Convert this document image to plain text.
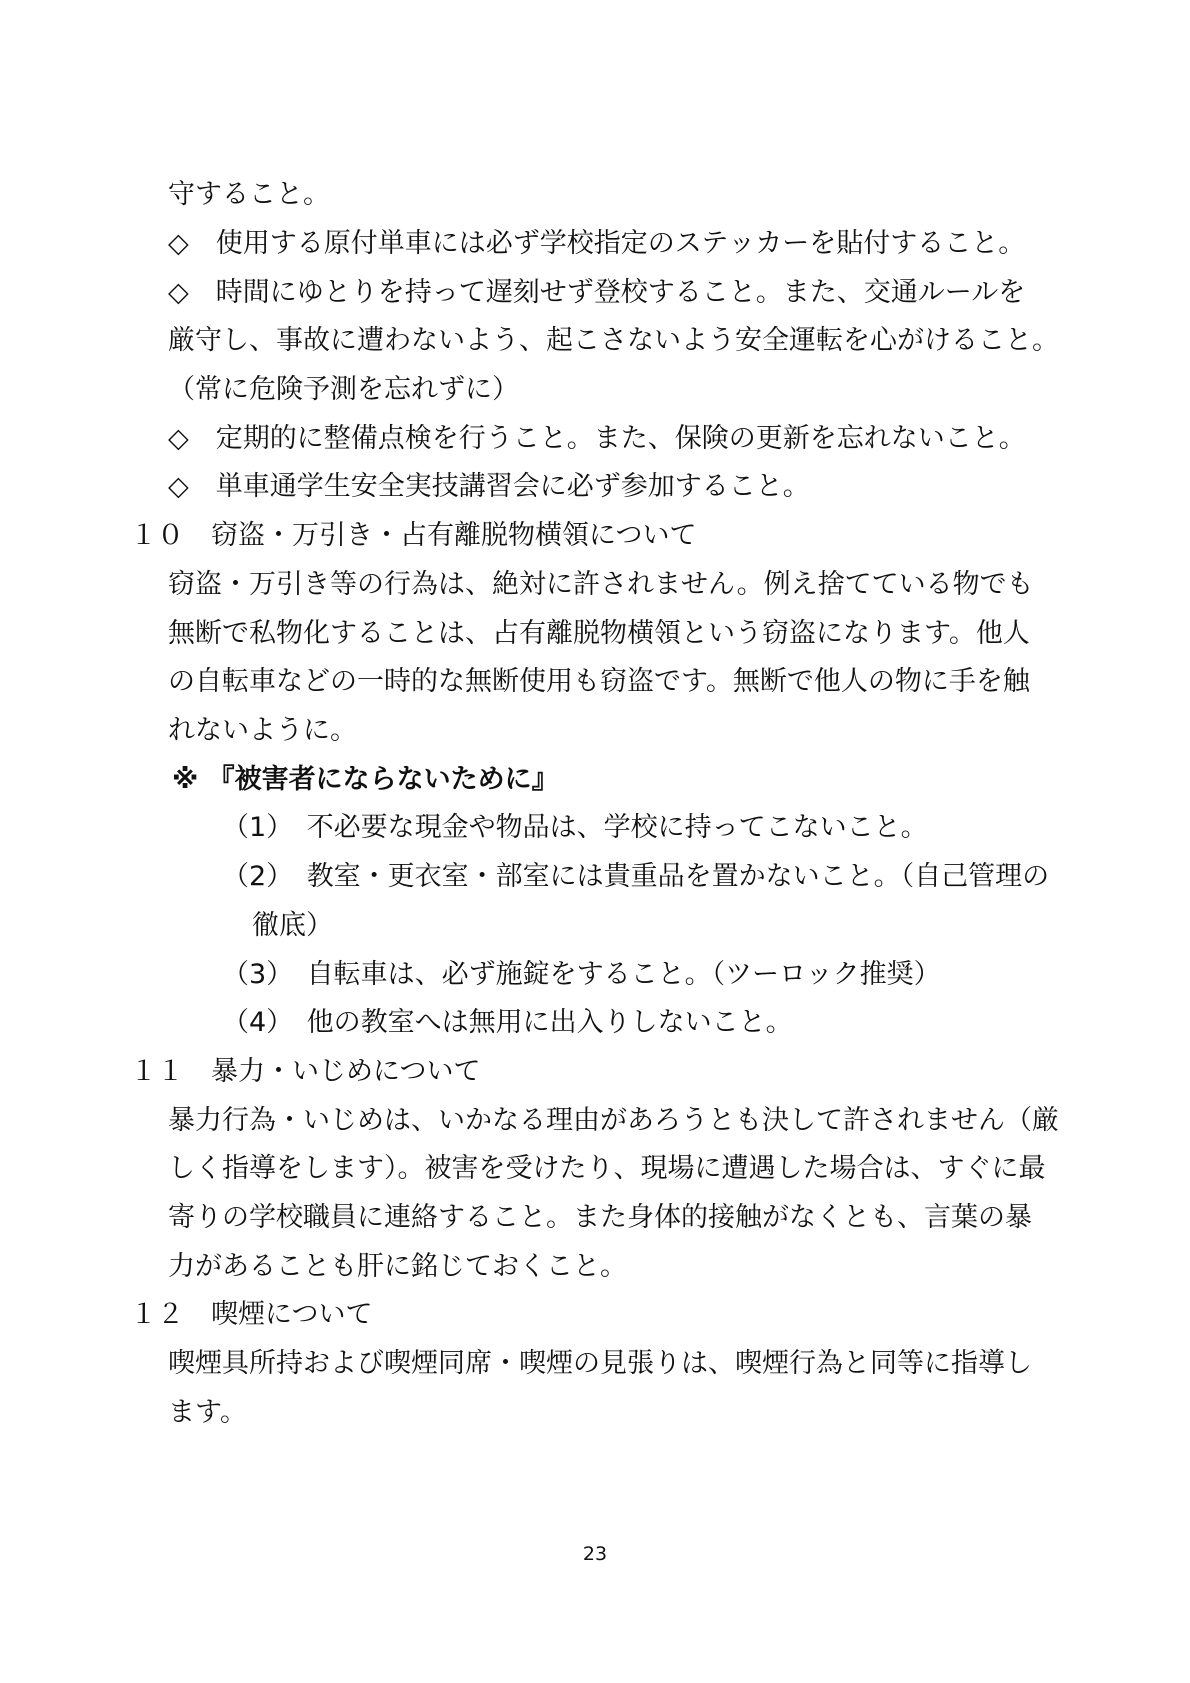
守すること。
◇　使用する原付単車には必ず学校指定のステッカーを貼付すること。
◇　時間にゆとりを持って遅刻せず登校すること。また、交通ルールを
厳守し、事故に遭わないよう、起こさないよう安全運転を心がけること。
（常に危険予測を忘れずに）
◇　定期的に整備点検を行うこと。また、保険の更新を忘れないこと。
◇　単車通学生安全実技講習会に必ず参加すること。
１０　窃盗・万引き・占有離脱物横領について
窃盗・万引き等の行為は、絶対に許されません。例え捨てている物でも
無断で私物化することは、占有離脱物横領という窃盗になります。他人
の自転車などの一時的な無断使用も窃盗です。無断で他人の物に手を触
れないように。
※ 『被害者にならないために』
（1）　不必要な現金や物品は、学校に持ってこないこと。
（2）　教室・更衣室・部室には貴重品を置かないこと。（自己管理の
徹底）
（3）　自転車は、必ず施錠をすること。（ツーロック推奨）
（4）　他の教室へは無用に出入りしないこと。
１１　暴力・いじめについて
暴力行為・いじめは、いかなる理由があろうとも決して許されません（厳
しく指導をします）。被害を受けたり、現場に遭遇した場合は、すぐに最
寄りの学校職員に連絡すること。また身体的接触がなくとも、言葉の暴
力があることも肝に銘じておくこと。
１２　喫煙について
喫煙具所持および喫煙同席・喫煙の見張りは、喫煙行為と同等に指導し
ます。
23
